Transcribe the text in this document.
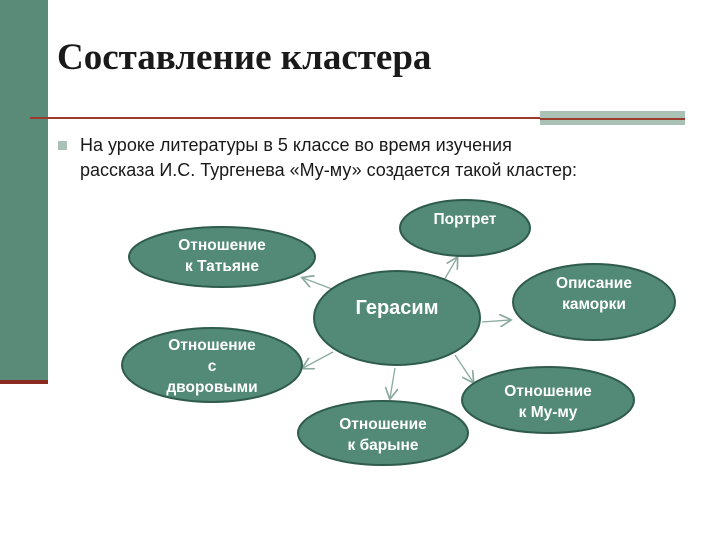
Составление кластера
На уроке литературы в 5 классе во время изучения
рассказа И.С. Тургенева «Му-му» создается такой кластер:
Портрет
Отношение
к Татьяне
Описание
каморки
Герасим
Отношение
с
дворовыми	Отношение
к Му-му
Отношение
к барыне
